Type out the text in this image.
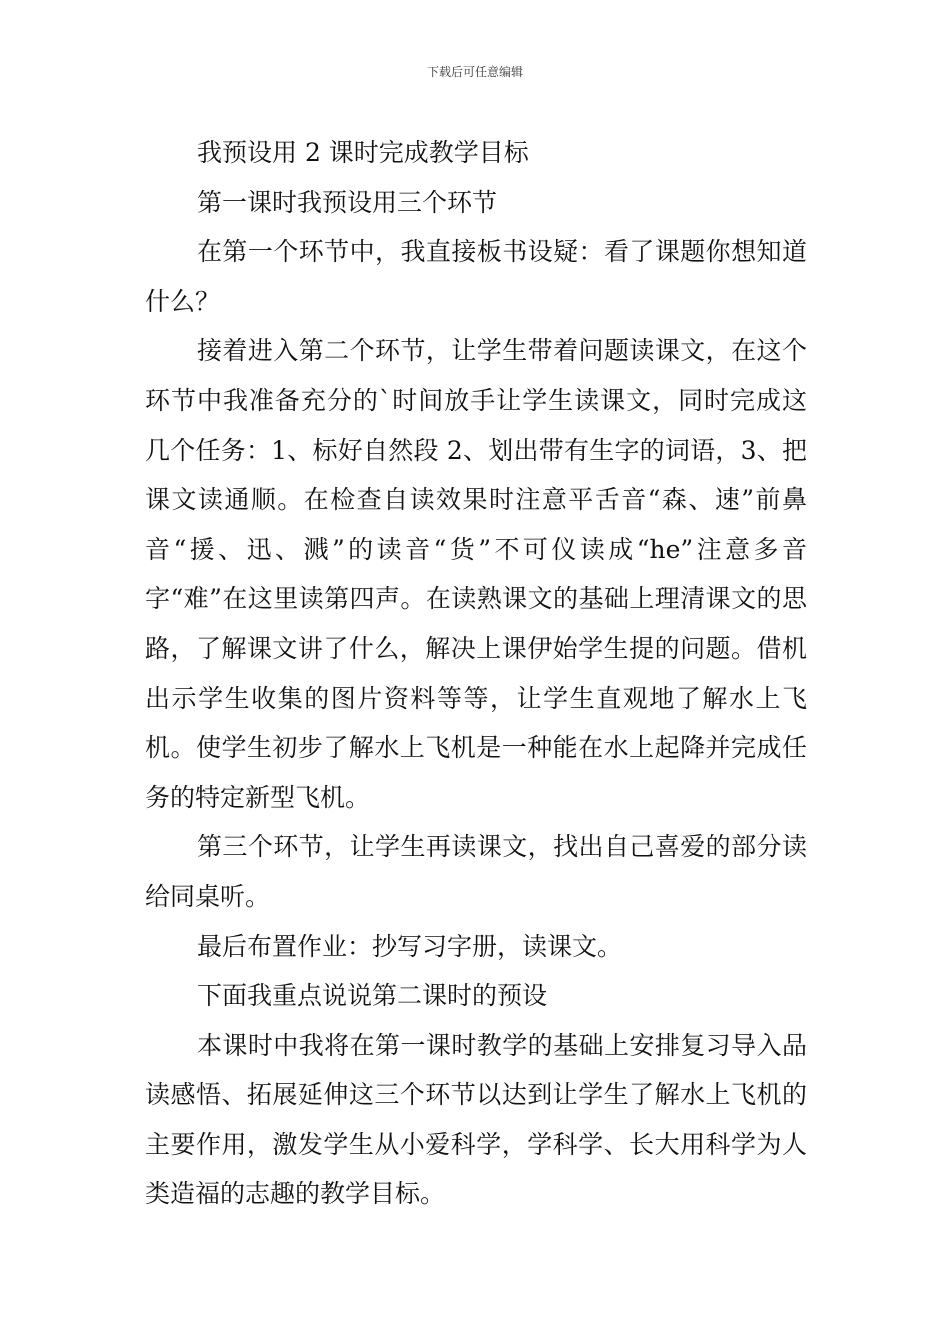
下载后可任意编辑

我预设用 2 课时完成教学目标

第一课时我预设用三个环节

在第一个环节中，我直接板书设疑：看了课题你想知道什么？

接着进入第二个环节，让学生带着问题读课文，在这个环节中我准备充分的`时间放手让学生读课文，同时完成这几个任务：1、标好自然段 2、划出带有生字的词语，3、把课文读通顺。在检查自读效果时注意平舌音“森、速”前鼻音“援、迅、溅”的读音“货”不可仪读成“he”注意多音字“难”在这里读第四声。在读熟课文的基础上理清课文的思路，了解课文讲了什么，解决上课伊始学生提的问题。借机出示学生收集的图片资料等等，让学生直观地了解水上飞机。使学生初步了解水上飞机是一种能在水上起降并完成任务的特定新型飞机。

第三个环节，让学生再读课文，找出自己喜爱的部分读给同桌听。

最后布置作业：抄写习字册，读课文。

下面我重点说说第二课时的预设

本课时中我将在第一课时教学的基础上安排复习导入品读感悟、拓展延伸这三个环节以达到让学生了解水上飞机的主要作用，激发学生从小爱科学，学科学、长大用科学为人类造福的志趣的教学目标。
